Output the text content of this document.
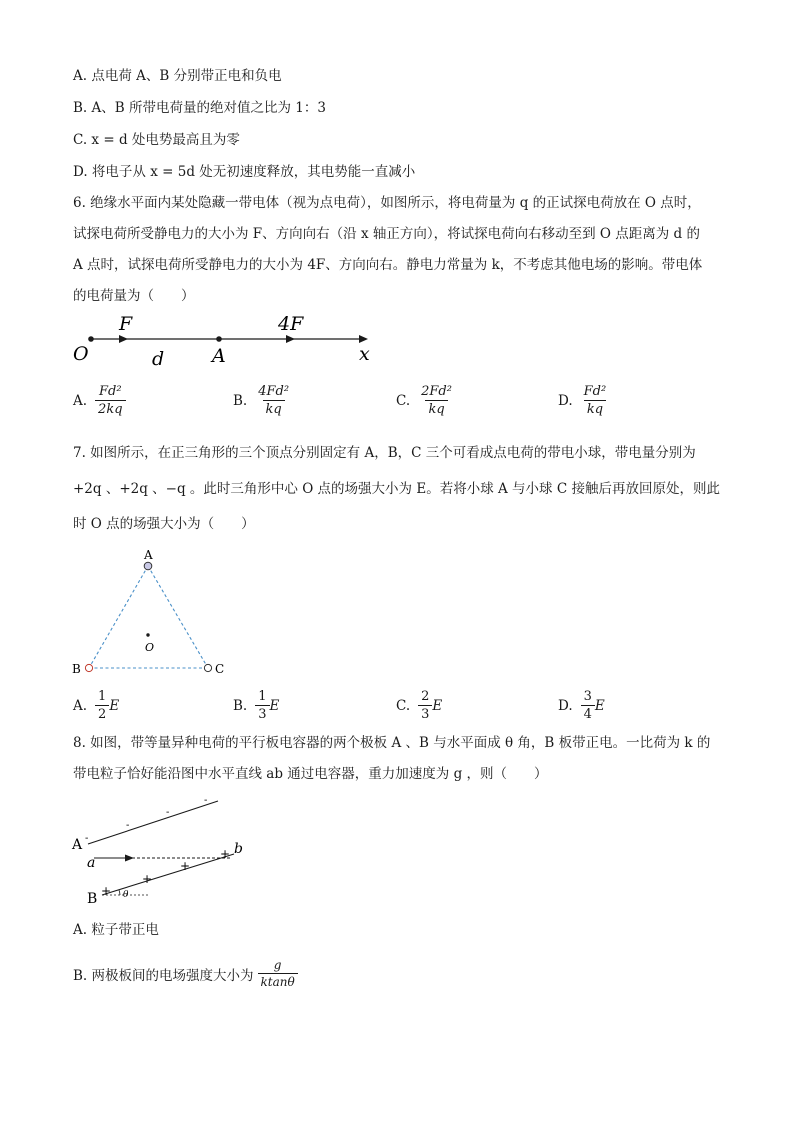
A. 点电荷 A、B 分别带正电和负电
B. A、B 所带电荷量的绝对值之比为 1：3
C. x = d 处电势最高且为零
D. 将电子从 x = 5d 处无初速度释放，其电势能一直减小
6. 绝缘水平面内某处隐藏一带电体（视为点电荷），如图所示，将电荷量为 q 的正试探电荷放在 O 点时，
试探电荷所受静电力的大小为 F、方向向右（沿 x 轴正方向），将试探电荷向右移动至到 O 点距离为 d 的
A 点时，试探电荷所受静电力的大小为 4F、方向向右。静电力常量为 k，不考虑其他电场的影响。带电体
的电荷量为（　　）
F	4F
O	d	A	x
A. $\frac{\text{Fd²}}{2kq}$	B. $\frac{\text{4Fd²}}{kq}$	C. $\frac{\text{2Fd²}}{kq}$	D. $\frac{\text{Fd²}}{kq}$
7. 如图所示，在正三角形的三个顶点分别固定有 A，B，C 三个可看成点电荷的带电小球，带电量分别为
+2q 、+2q 、−q 。此时三角形中心 O 点的场强大小为 E。若将小球 A 与小球 C 接触后再放回原处，则此
时 O 点的场强大小为（　　）
A
B	C
O
A. $\frac{1}{2}$ E	B. $\frac{1}{3}$ E	C. $\frac{2}{3}$ E	D. $\frac{3}{4}$ E
8. 如图，带等量异种电荷的平行板电容器的两个极板 A 、B 与水平面成 θ 角，B 板带正电。一比荷为 k 的
带电粒子恰好能沿图中水平直线 ab 通过电容器，重力加速度为 g ，则（　　）
-
-
-
-
+
+
+
+
A
B
a
b
θ
A. 粒子带正电
B. 两极板间的电场强度大小为 $\frac{g}{ktan\theta}$
